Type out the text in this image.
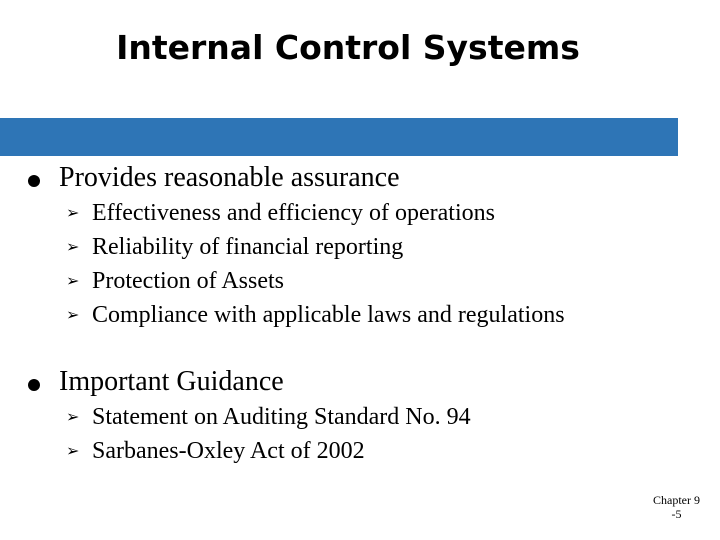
Internal Control Systems
Provides reasonable assurance
➢ Effectiveness and efficiency of operations
➢ Reliability of financial reporting
➢ Protection of Assets
➢ Compliance with applicable laws and regulations
Important Guidance
➢ Statement on Auditing Standard No. 94
➢ Sarbanes-Oxley Act of 2002
Chapter 9
-5
